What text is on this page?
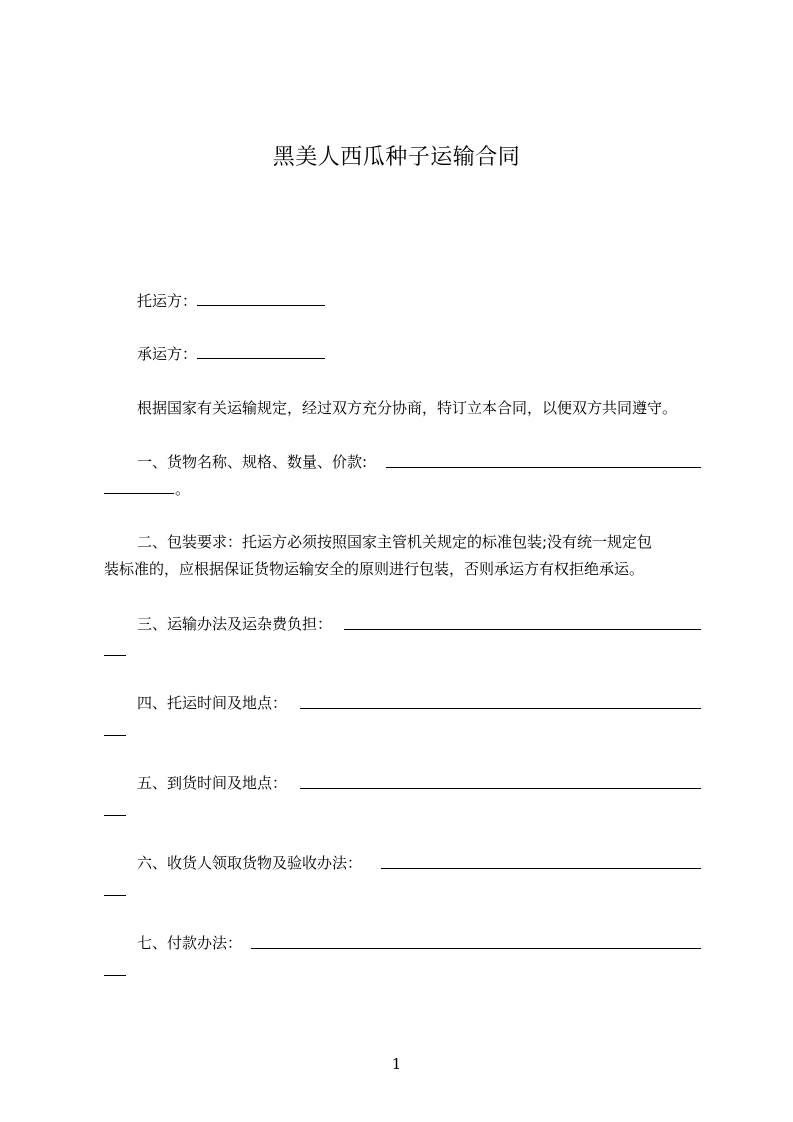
黑美人西瓜种子运输合同
托运方：
承运方：
根据国家有关运输规定，经过双方充分协商，特订立本合同，以便双方共同遵守。
一、货物名称、规格、数量、价款:
。
二、包装要求：托运方必须按照国家主管机关规定的标准包装;没有统一规定包
装标准的，应根据保证货物运输安全的原则进行包装，否则承运方有权拒绝承运。
三、运输办法及运杂费负担：
四、托运时间及地点：
五、到货时间及地点：
六、收货人领取货物及验收办法：
七、付款办法：
1
